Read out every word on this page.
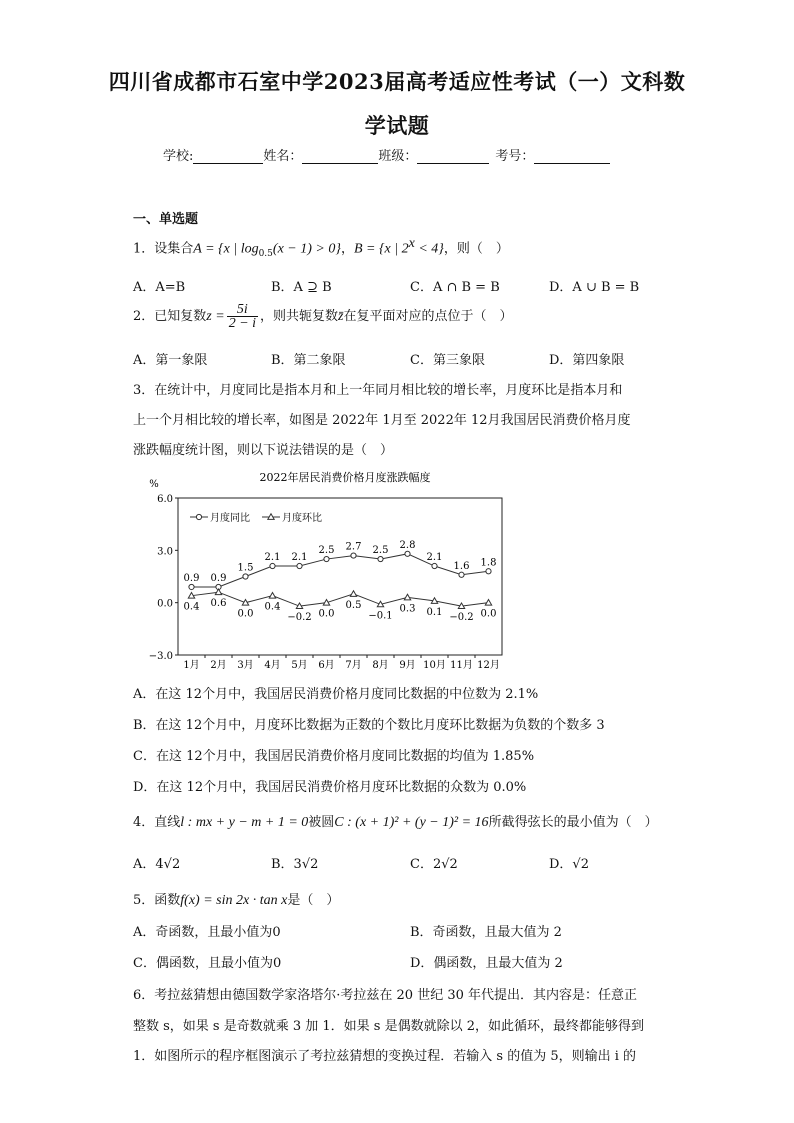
四川省成都市石室中学2023届高考适应性考试（一）文科数
学试题
学校:	姓名：	班级：	考号：
一、单选题
1．设集合A = {x | $\log_{0.5}(x - 1) > 0$}，B = {x | $2^x < 4$}，则（　）
A．A=B	B．A ⊇ B	C．A ∩ B = B	D．A ∪ B = B
2．已知复数$z = \frac{5i}{2 - i}$ ，则共轭复数z̄在复平面对应的点位于（　）
A．第一象限	B．第二象限	C．第三象限	D．第四象限
3．在统计中，月度同比是指本月和上一年同月相比较的增长率，月度环比是指本月和
上一个月相比较的增长率，如图是 2022年 1月至 2022年 12月我国居民消费价格月度
涨跌幅度统计图，则以下说法错误的是（　）
2022年居民消费价格月度涨跌幅度
%
6.0
3.0
0.0
−3.0
1月 2月 3月 4月 5月 6月 7月 8月 9月 10月 11月 12月
0.9 0.9
1.5
2.1 2.1
2.5 2.7 2.5 2.8
2.1
1.6 1.8
0.4 0.6
0.0
0.4
−0.2 0.0
0.5
−0.1
0.3 0.1 −0.2 0.0
月度同比	月度环比
A．在这 12个月中，我国居民消费价格月度同比数据的中位数为 2.1%
B．在这 12个月中，月度环比数据为正数的个数比月度环比数据为负数的个数多 3
C．在这 12个月中，我国居民消费价格月度同比数据的均值为 1.85%
D．在这 12个月中，我国居民消费价格月度环比数据的众数为 0.0%
4．直线l : mx + y − m + 1 = 0被圆C : (x + 1)² + (y − 1)² = 16所截得弦长的最小值为（　）
A．4√2	B．3√2	C．2√2	D．√2
5．函数f(x) = sin 2x · tan x是（　）
A．奇函数，且最小值为0	B．奇函数，且最大值为 2
C．偶函数，且最小值为0	D．偶函数，且最大值为 2
6．考拉兹猜想由德国数学家洛塔尔·考拉兹在 20 世纪 30 年代提出．其内容是：任意正
整数 s，如果 s 是奇数就乘 3 加 1．如果 s 是偶数就除以 2，如此循环，最终都能够得到
1．如图所示的程序框图演示了考拉兹猜想的变换过程．若输入 s 的值为 5，则输出 i 的
